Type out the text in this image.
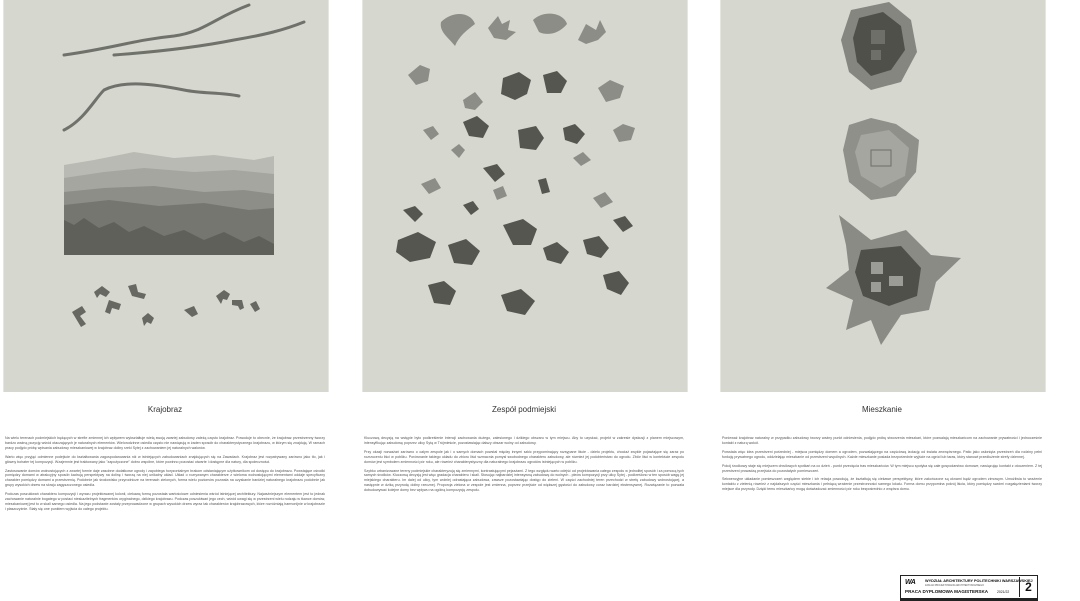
Krajobraz

Na wielu terenach podmiejskich będących w strefie zmiennej ich wpływem wykształtuje wielą swoją zwartej zabudowy zależą często krajobraz. Powoduje to obecnie, że krajobraz przestrzenny tworzy bardzo ważną pozycję wśród otaczających je naturalnych elementów. Wielorodzinne osiedla często nie nawiązują w żaden sposób do charakterystycznego krajobrazu, w którym się znajdują. W ramach pracy podjęto próbę wpisania zabudowy mieszkaniowej w krajobraz doliny rzeki Sytej z zachowaniem jej naturalnych walorów.

Warto więc przyjąć odmienne podejście do kształtowania zagospodarowania niż w istniejących zabudowaniach znajdujących się na Zawadach. Krajobraz jest rozpatrywany zarówno jako tło, jak i główny bohater tej kompozycji. Wzajemnie jest traktowany jako "zapożyczone" dobro wspólne, które powinno pozostać otwarte i dostępne dla natury, dla społeczności.

Zastosowanie domów wolnostojących z zwartej formie daje zasobne dodatkowe ogrody i zapobiega horyzontalnym brakom odsłaniającym użytkownikom od dostępu do krajobrazu. Powstające ośrodki pomiędzy domami w atrakcyjny sposób kadrują perspektywy na dolinę i tworzą na niej unikalny układ. Układ o rozrywanym charakterze z wieloma wolnostojącymi elementami oddaje specyficzny charakter pomiędzy domami a przestrzenią. Podobnie jak środowisko przyrodnicze na terenach zielonych, forma wielu poziomów pozwala na uzyskanie bardziej naturalnego krajobrazu podobnie jak grupy wysokich drzew na skraju zagęszczonego osiedla.

Podczas poszukiwań charakteru kompozycji i wyrazu projektowanej kolonii, ciekawą formą pozostała wartościowe odniesienia wśród istniejącej architektury. Najważniejszym elementem jest to jednak zachowanie naturalnie bogatego w postaci nieskazitelnych fragmentów oryginalnego, dzikiego krajobrazu. Podczas poszukiwań jego cech, wśród uwagi się w przestrzeni wielu rodzaju w tkance domów, mieszkaniowej jest to w skali samego osiedla. Na jego podstawie zostały przeprowadzone w grupach wysokich drzew wyraz tak charakterów krajobrazowych, które rozróżniają harmonijnie w krajobrazie i płaszczyźnie. Stały się one punktem wyjścia do całego projektu.

Zespół podmiejski

Kluczową decyzją na wstępie było podkreślenie intencji zachowania dużego, zalesionego i dzikiego obszaru w tym miejscu. Aby to uzyskać, projekt w zakresie dyskusji z planem miejscowym, intensyfikując zabudowę poprzez ulicy Sytą w Trójmieście, pozostawiając dalszy obszar wolny od zabudowy.

Przy okazji rozważań zarówno o całym zespole jak i o samych domach powstał między innymi szkic przypominający rozsypane liście - dzieło projektu, chociaż zwykle pojawiające się zaraz po rozrzuceniu liści w pobliżu. Porównanie takiego układu do zbioru liści wzmacnia pomysł swobodnego charakteru zabudowy, ale również jej podobieństwo do ogrodu. Zbiór liści w kontekście zespołu domów jest symbolem zmienności pór roku, ale również charakterystyczny dla naturalnego krajobrazu ogrodów istniejących w pobliżu.

Szybko urbanizowane tereny podmiejskie charakteryzują się zmiennymi, kontrastującymi pejzażami. Z tego względu warto odejść od projektowania całego zespołu w jednolitej sposób i za pomocą tych samych środków. Kluczową decyzją jest więc gradacja charakteru i skali. Stosując najbardziej intensywną zabudowę do wolnych - pleów kompozycji przy ulicy Sytej - podkreślono w ten sposób wagę jej miejskiego charakteru. Im dalej od ulicy, tym wolniej odrastająca zabudowa, zawsze pozostawiając dostęp do zieleni. W części zachodniej teren przechodzi w strefę zabudowy wolnostojącej, a następnie w dziką przyrodę doliny rzecznej. Proporcja zielona w zespole jest zmienna, poprzez przejście od większej gęstości do zabudowy coraz bardziej ekstensywnej. Rozwiązanie to pozwala dobudowywać kolejne domy bez wpływu na ogólną kompozycję zespołu.

Mieszkanie

Ponieważ krajobraz naturalny w przypadku zabudowy tworzy ważny punkt odniesienia, podjęto próbę stworzenia mieszkań, które pozwalają mieszkańcom na zachowanie prywatności i jednocześnie kontakt z naturą wokół.

Powstała więc idea przestrzeni pośredniej - miejsca pomiędzy domem a ogrodem, pozwalającego na częściową izolację od świata zewnętrznego. Patio jako osłonięta przestrzeń dla rodziny pełni funkcję prywatnego ogrodu, oddzielając mieszkanie od przestrzeni wspólnych. Każde mieszkanie posiada bezpośrednie wyjście na ogród lub taras, który stanowi przedłużenie strefy dziennej.

Pokój środkowy staje się miejscem chwilowych spotkań na co dzień - punkt przecięcia tras mieszkańców. W tym miejscu spotyka się całe gospodarstwo domowe, nawiązując kontakt z otoczeniem. Z tej przestrzeni prowadzą przejścia do pozostałych pomieszczeń.

Sekwencyjne układanie pomieszczeń względem siebie i ich relacja powodują, że kształtują się ciekawe perspektywy, które zakończone są oknami bądź ogrodem zimowym. Umożliwia to wrażenie kontaktu z zielenią również z najdalszych części mieszkania i pełniącą wrażenie przestronności samego lokalu. Forma domu przypomina pokrój liścia, który pomiędzy swoimi rozgałęzieniami tworzy miejsce dla przyrody. Dzięki temu mieszkańcy mogą doświadczać zmienności pór roku bezpośrednio z wnętrza domu.

WA	WYDZIAŁ ARCHITEKTURY POLITECHNIKI WARSZAWSKIEJ
ZAKŁAD PROJEKTOWANIA ARCHITEKTONICZNEGO
PRACA DYPLOMOWA MAGISTERSKA	2021/22	2
